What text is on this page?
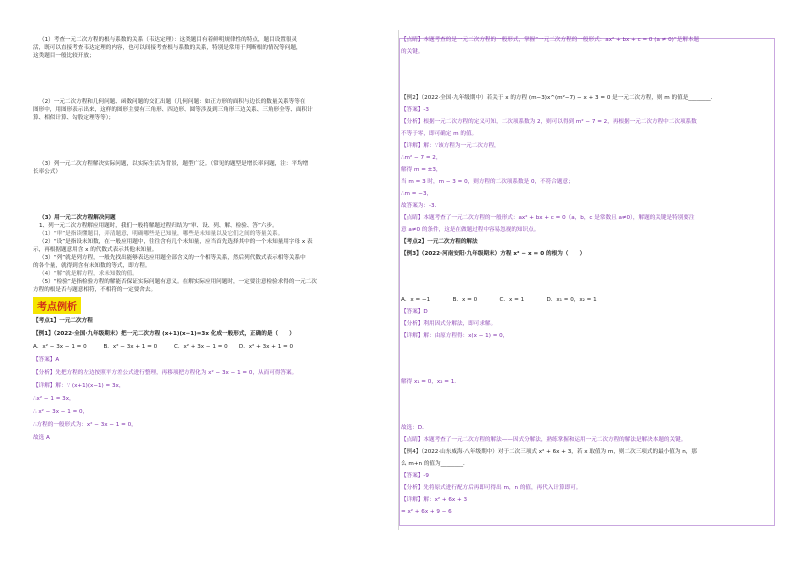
（1）考查一元二次方程的根与系数的关系（韦达定理）：这类题目有着鲜明规律性的特点，题目设置很灵

活，既可以直接考查韦达定理的内容，也可以间接考查根与系数的关系，特别是常用于判断根的情况等问题，

这类题目一般比较开放；

（2）一元二次方程和几何问题、函数问题的交汇出题（几何问题：如正方形的面积与边长的数量关系等等在

图形中，用图形表示出来，这样的图形主要有三角形、四边形、圆等涉及到三角形三边关系、三角形全等、面积计

算、相似计算、勾股定理等等）；

（3）列一元二次方程解决实际问题，以实际生活为背景，题型广泛。（常见的题型是增长率问题，注：平均增

长率公式）

（3）用一元二次方程解决问题

1、列一元二次方程解应用题时，我们一般将解题过程归结为“审、设、列、解、检验、答”六步。

（1）“审”是指读懂题目，弄清题意，明确哪些是已知量，哪些是未知量以及它们之间的等量关系。

（2）“设”是指设未知数，在一般应用题中，往往含有几个未知量，应当首先选择其中的一个未知量用字母 x 表

示，再根据题意用含 x 的代数式表示其他未知量。

（3）“列”就是列方程，一般先找出能够表达应用题全部含义的一个相等关系，然后列代数式表示相等关系中

的各个量，就得到含有未知数的等式，即方程。

（4）“解”就是解方程，求未知数的值。

（5）“检验”是指检验方程的解能否保证实际问题有意义。在解实际应用问题时，一定要注意检验求得的一元二次

方程的根是否与题意相符，不相符的一定要舍去。

考点例析

【考点1】一元二次方程

【例1】（2022·全国·九年级期末）把一元二次方程 (x+1)(x−1)=3x 化成一般形式，正确的是（　　）

A．x² − 3x − 1 = 0　　　B．x² − 3x + 1 = 0　　　C．x² + 3x − 1 = 0　　D．x² + 3x + 1 = 0

【答案】A

【分析】先把方程的左边按照平方差公式进行整理，再移项把方程化为 x² − 3x − 1 = 0，从而可得答案。

【详解】解：∵ (x+1)(x−1) = 3x，

∴x² − 1 = 3x，

∴ x² − 3x − 1 = 0，

∴方程的一般形式为：x² − 3x − 1 = 0，

故选 A

【点睛】本题考查的是一元二次方程的一般形式，掌握“一元二次方程的一般形式：ax² + bx + c = 0 (a ≠ 0)”是解本题

的关键。

【例2】（2022·全国·九年级期中）若关于 x 的方程 (m−3)x^(m²−7) − x + 3 = 0 是一元二次方程，则 m 的值是________．

【答案】-3

【分析】根据一元二次方程的定义可知，二次项系数为 2，则可以得到 m² − 7 = 2，再根据一元二次方程中二次项系数

不等于零，即可确定 m 的值。

【详解】解：∵该方程为一元二次方程，

∴m² − 7 = 2，

解得 m = ±3，

当 m = 3 时，m − 3 = 0，则方程的二次项系数是 0，不符合题意；

∴m = −3，

故答案为：-3．

【点睛】本题考查了一元二次方程的一般形式：ax² + bx + c = 0（a，b，c 是常数且 a≠0），解题的关键是特别要注

意 a≠0 的条件，这是在做题过程中容易忽视的知识点。

【考点2】一元二次方程的解法

【例3】（2022·河南安阳·九年级期末）方程 x² − x = 0 的根为（　　）

A．x = −1　　　　B．x = 0　　　　C．x = 1　　　　D．x₁ = 0，x₂ = 1

【答案】D

【分析】利用因式分解法，即可求解。

【详解】解：由原方程得：x(x − 1) = 0，

解得 x₁ = 0，x₂ = 1．

故选：D．

【点睛】本题考查了一元二次方程的解法——因式分解法，熟练掌握和运用一元二次方程的解法是解决本题的关键。

【例4】（2022·山东威海·八年级期中）对于二次三项式 x² + 6x + 3，若 x 取值为 m，则二次三项式的最小值为 n，那

么 m+n 的值为________．

【答案】-9

【分析】先将原式进行配方后再即可得出 m，n 的值，再代入计算即可。

【详解】解：x² + 6x + 3

= x² + 6x + 9 − 6
